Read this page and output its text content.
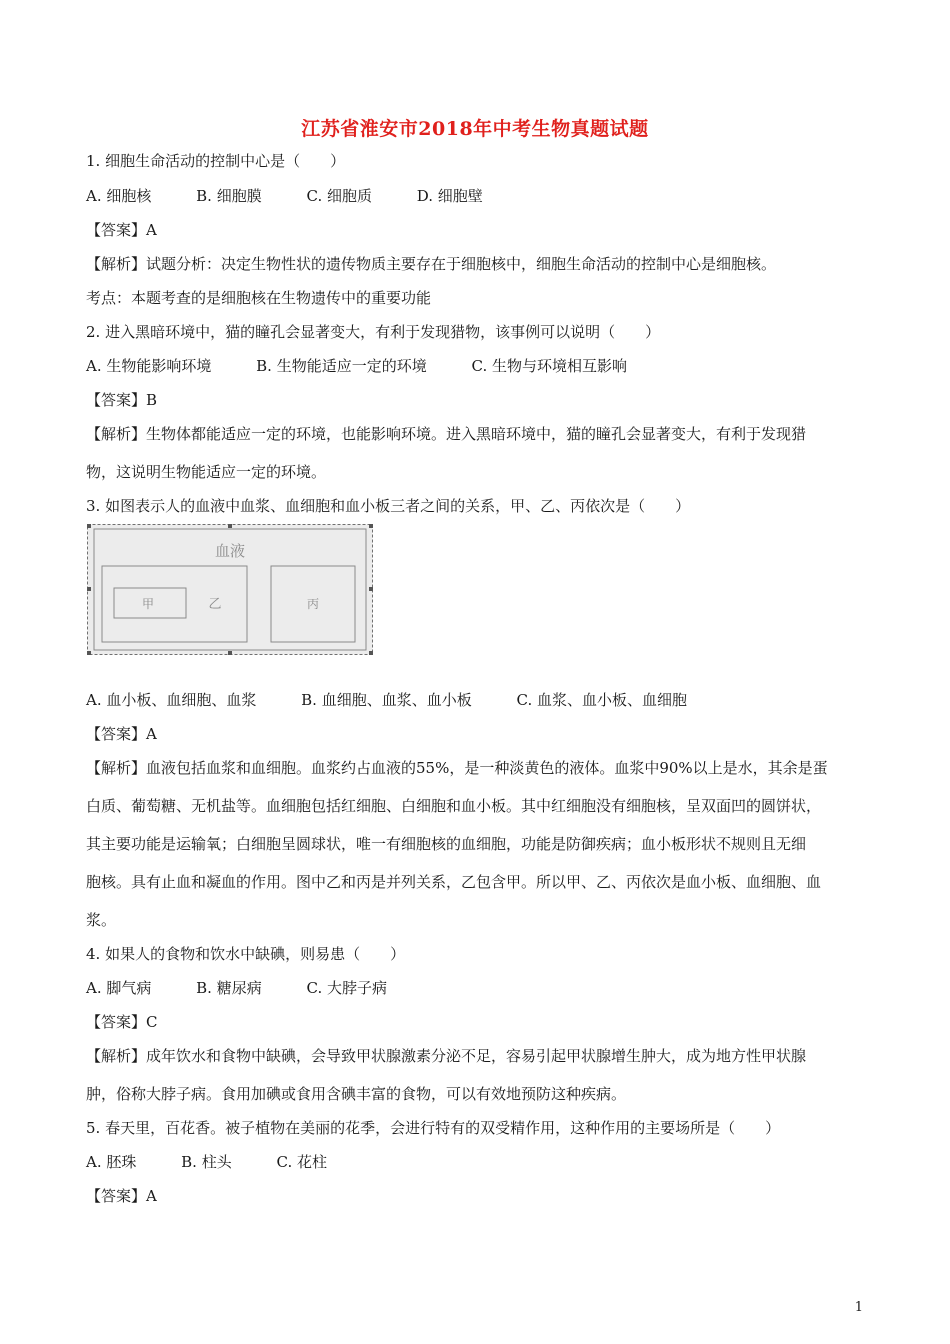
江苏省淮安市2018年中考生物真题试题
1. 细胞生命活动的控制中心是（　　）
A. 细胞核	B. 细胞膜	C. 细胞质	D. 细胞壁
【答案】A
【解析】试题分析：决定生物性状的遗传物质主要存在于细胞核中，细胞生命活动的控制中心是细胞核。
考点：本题考查的是细胞核在生物遗传中的重要功能
2. 进入黑暗环境中，猫的瞳孔会显著变大，有利于发现猎物，该事例可以说明（　　）
A. 生物能影响环境	B. 生物能适应一定的环境	C. 生物与环境相互影响
【答案】B
【解析】生物体都能适应一定的环境，也能影响环境。进入黑暗环境中，猫的瞳孔会显著变大，有利于发现猎
物，这说明生物能适应一定的环境。
3. 如图表示人的血液中血浆、血细胞和血小板三者之间的关系，甲、乙、丙依次是（　　）
血液
甲	乙	丙
A. 血小板、血细胞、血浆	B. 血细胞、血浆、血小板	C. 血浆、血小板、血细胞
【答案】A
【解析】血液包括血浆和血细胞。血浆约占血液的55%，是一种淡黄色的液体。血浆中90%以上是水，其余是蛋
白质、葡萄糖、无机盐等。血细胞包括红细胞、白细胞和血小板。其中红细胞没有细胞核，呈双面凹的圆饼状，
其主要功能是运输氧；白细胞呈圆球状，唯一有细胞核的血细胞，功能是防御疾病；血小板形状不规则且无细
胞核。具有止血和凝血的作用。图中乙和丙是并列关系，乙包含甲。所以甲、乙、丙依次是血小板、血细胞、血
浆。
4. 如果人的食物和饮水中缺碘，则易患（　　）
A. 脚气病	B. 糖尿病	C. 大脖子病
【答案】C
【解析】成年饮水和食物中缺碘，会导致甲状腺激素分泌不足，容易引起甲状腺增生肿大，成为地方性甲状腺
肿，俗称大脖子病。食用加碘或食用含碘丰富的食物，可以有效地预防这种疾病。
5. 春天里，百花香。被子植物在美丽的花季，会进行特有的双受精作用，这种作用的主要场所是（　　）
A. 胚珠	B. 柱头	C. 花柱
【答案】A
1
